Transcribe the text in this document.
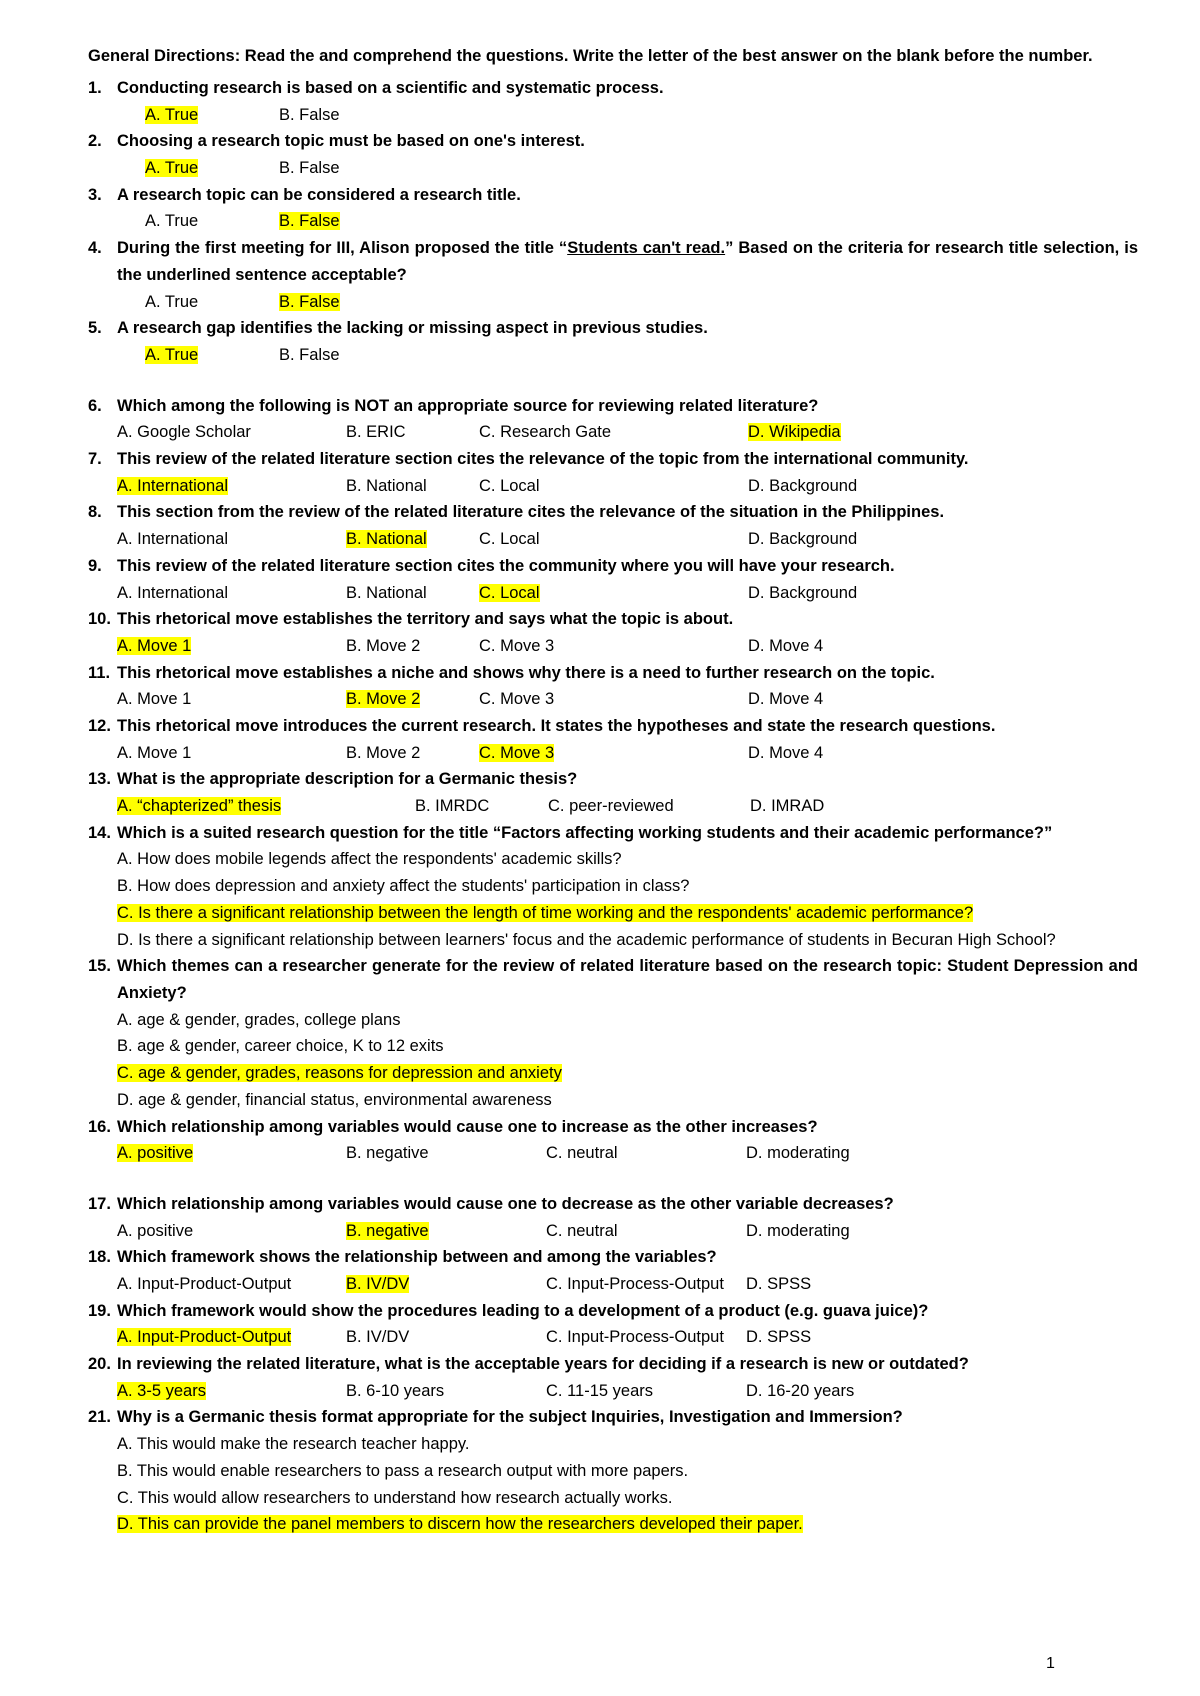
General Directions: Read the and comprehend the questions. Write the letter of the best answer on the blank before the number.

1. Conducting research is based on a scientific and systematic process.
A. True	B. False
2. Choosing a research topic must be based on one's interest.
A. True	B. False
3. A research topic can be considered a research title.
A. True	B. False
4. During the first meeting for III, Alison proposed the title “Students can't read.” Based on the criteria for research title selection, is the underlined sentence acceptable?
A. True	B. False
5. A research gap identifies the lacking or missing aspect in previous studies.
A. True	B. False
6. Which among the following is NOT an appropriate source for reviewing related literature?
A. Google Scholar	B. ERIC	C. Research Gate	D. Wikipedia
7. This review of the related literature section cites the relevance of the topic from the international community.
A. International	B. National	C. Local	D. Background
8. This section from the review of the related literature cites the relevance of the situation in the Philippines.
A. International	B. National	C. Local	D. Background
9. This review of the related literature section cites the community where you will have your research.
A. International	B. National	C. Local	D. Background
10. This rhetorical move establishes the territory and says what the topic is about.
A. Move 1	B. Move 2	C. Move 3	D. Move 4
11. This rhetorical move establishes a niche and shows why there is a need to further research on the topic.
A. Move 1	B. Move 2	C. Move 3	D. Move 4
12. This rhetorical move introduces the current research. It states the hypotheses and state the research questions.
A. Move 1	B. Move 2	C. Move 3	D. Move 4
13. What is the appropriate description for a Germanic thesis?
A. “chapterized” thesis	B. IMRDC	C. peer-reviewed	D. IMRAD
14. Which is a suited research question for the title “Factors affecting working students and their academic performance?”
A. How does mobile legends affect the respondents' academic skills?
B. How does depression and anxiety affect the students' participation in class?
C. Is there a significant relationship between the length of time working and the respondents' academic performance?
D. Is there a significant relationship between learners' focus and the academic performance of students in Becuran High School?
15. Which themes can a researcher generate for the review of related literature based on the research topic: Student Depression and Anxiety?
A. age & gender, grades, college plans
B. age & gender, career choice, K to 12 exits
C. age & gender, grades, reasons for depression and anxiety
D. age & gender, financial status, environmental awareness
16. Which relationship among variables would cause one to increase as the other increases?
A. positive	B. negative	C. neutral	D. moderating
17. Which relationship among variables would cause one to decrease as the other variable decreases?
A. positive	B. negative	C. neutral	D. moderating
18. Which framework shows the relationship between and among the variables?
A. Input-Product-Output	B. IV/DV	C. Input-Process-Output	D. SPSS
19. Which framework would show the procedures leading to a development of a product (e.g. guava juice)?
A. Input-Product-Output	B. IV/DV	C. Input-Process-Output	D. SPSS
20. In reviewing the related literature, what is the acceptable years for deciding if a research is new or outdated?
A. 3-5 years	B. 6-10 years	C. 11-15 years	D. 16-20 years
21. Why is a Germanic thesis format appropriate for the subject Inquiries, Investigation and Immersion?
A. This would make the research teacher happy.
B. This would enable researchers to pass a research output with more papers.
C. This would allow researchers to understand how research actually works.
D. This can provide the panel members to discern how the researchers developed their paper.
1
